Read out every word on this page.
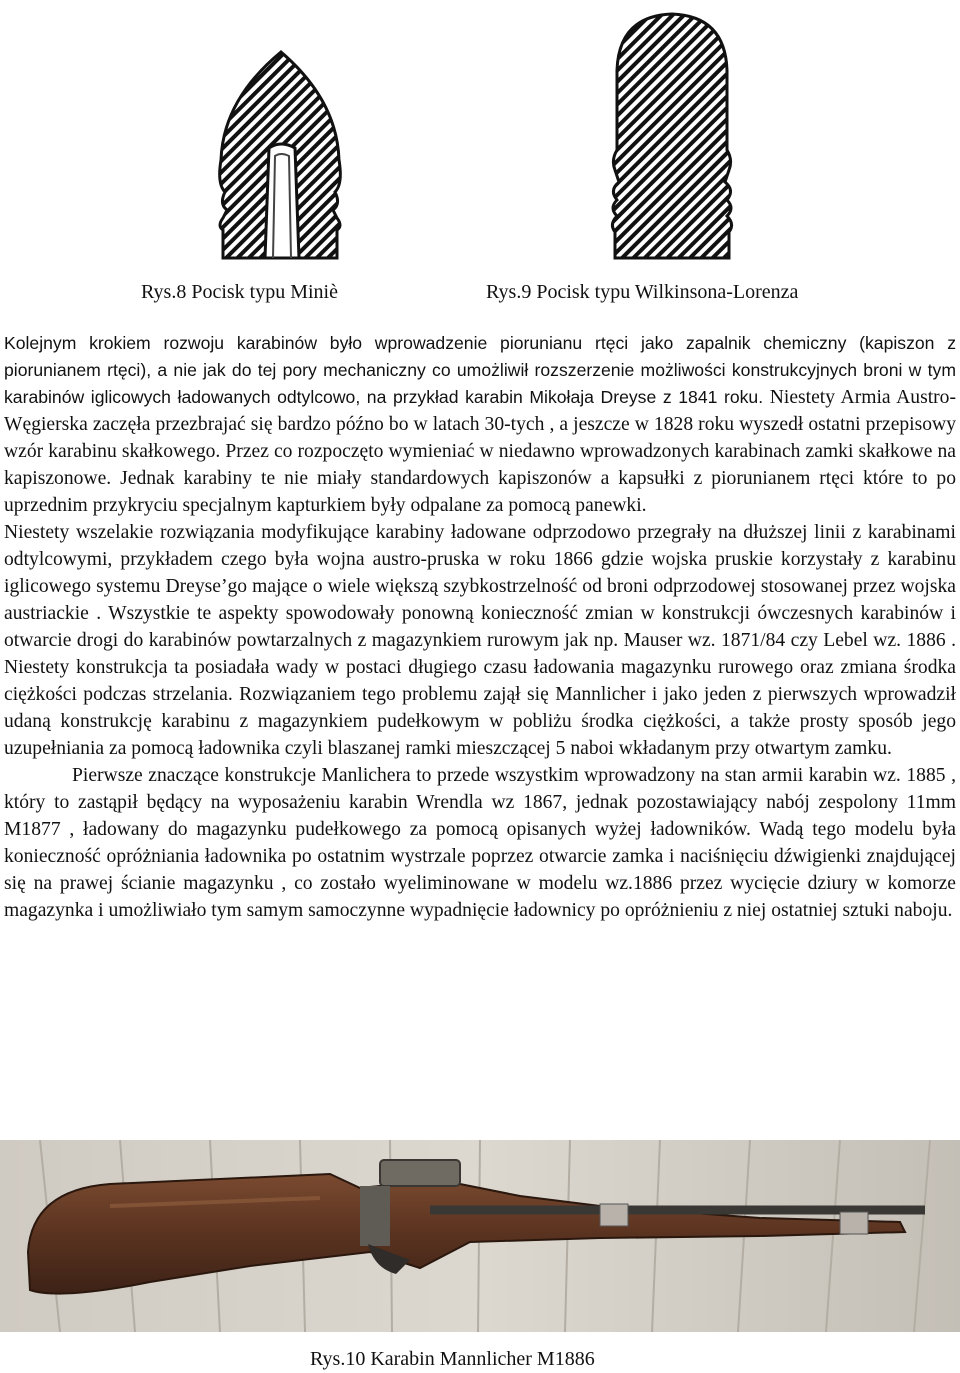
Rys.8 Pocisk typu Miniè	Rys.9 Pocisk typu Wilkinsona-Lorenza

Kolejnym krokiem rozwoju karabinów było wprowadzenie piorunianu rtęci jako zapalnik chemiczny (kapiszon z piorunianem rtęci), a nie jak do tej pory mechaniczny co umożliwił rozszerzenie możliwości konstrukcyjnych broni w tym karabinów iglicowych ładowanych odtylcowo, na przykład karabin Mikołaja Dreyse z 1841 roku. Niestety Armia Austro-Węgierska zaczęła przezbrajać się bardzo późno bo w latach 30-tych , a jeszcze w 1828 roku wyszedł ostatni przepisowy wzór karabinu skałkowego. Przez co rozpoczęto wymieniać w niedawno wprowadzonych karabinach zamki skałkowe na kapiszonowe. Jednak karabiny te nie miały standardowych kapiszonów a kapsułki z piorunianem rtęci które to po uprzednim przykryciu specjalnym kapturkiem były odpalane za pomocą panewki.

Niestety wszelakie rozwiązania modyfikujące karabiny ładowane odprzodowo przegrały na dłuższej linii z karabinami odtylcowymi, przykładem czego była wojna austro-pruska w roku 1866 gdzie wojska pruskie korzystały z karabinu iglicowego systemu Dreyse’go mające o wiele większą szybkostrzelność od broni odprzodowej stosowanej przez wojska austriackie . Wszystkie te aspekty spowodowały ponowną konieczność zmian w konstrukcji ówczesnych karabinów i otwarcie drogi do karabinów powtarzalnych z magazynkiem rurowym jak np. Mauser wz. 1871/84 czy Lebel wz. 1886 . Niestety konstrukcja ta posiadała wady w postaci długiego czasu ładowania magazynku rurowego oraz zmiana środka ciężkości podczas strzelania. Rozwiązaniem tego problemu zajął się Mannlicher i jako jeden z pierwszych wprowadził udaną konstrukcję karabinu z magazynkiem pudełkowym w pobliżu środka ciężkości, a także prosty sposób jego uzupełniania za pomocą ładownika czyli blaszanej ramki mieszczącej 5 naboi wkładanym przy otwartym zamku.

Pierwsze znaczące konstrukcje Manlichera to przede wszystkim wprowadzony na stan armii karabin wz. 1885 , który to zastąpił będący na wyposażeniu karabin Wrendla wz 1867, jednak pozostawiający nabój zespolony 11mm M1877 , ładowany do magazynku pudełkowego za pomocą opisanych wyżej ładowników. Wadą tego modelu była konieczność opróżniania ładownika po ostatnim wystrzale poprzez otwarcie zamka i naciśnięciu dźwigienki znajdującej się na prawej ścianie magazynku , co zostało wyeliminowane w modelu wz.1886 przez wycięcie dziury w komorze magazynka i umożliwiało tym samym samoczynne wypadnięcie ładownicy po opróżnieniu z niej ostatniej sztuki naboju.

Rys.10 Karabin Mannlicher M1886
